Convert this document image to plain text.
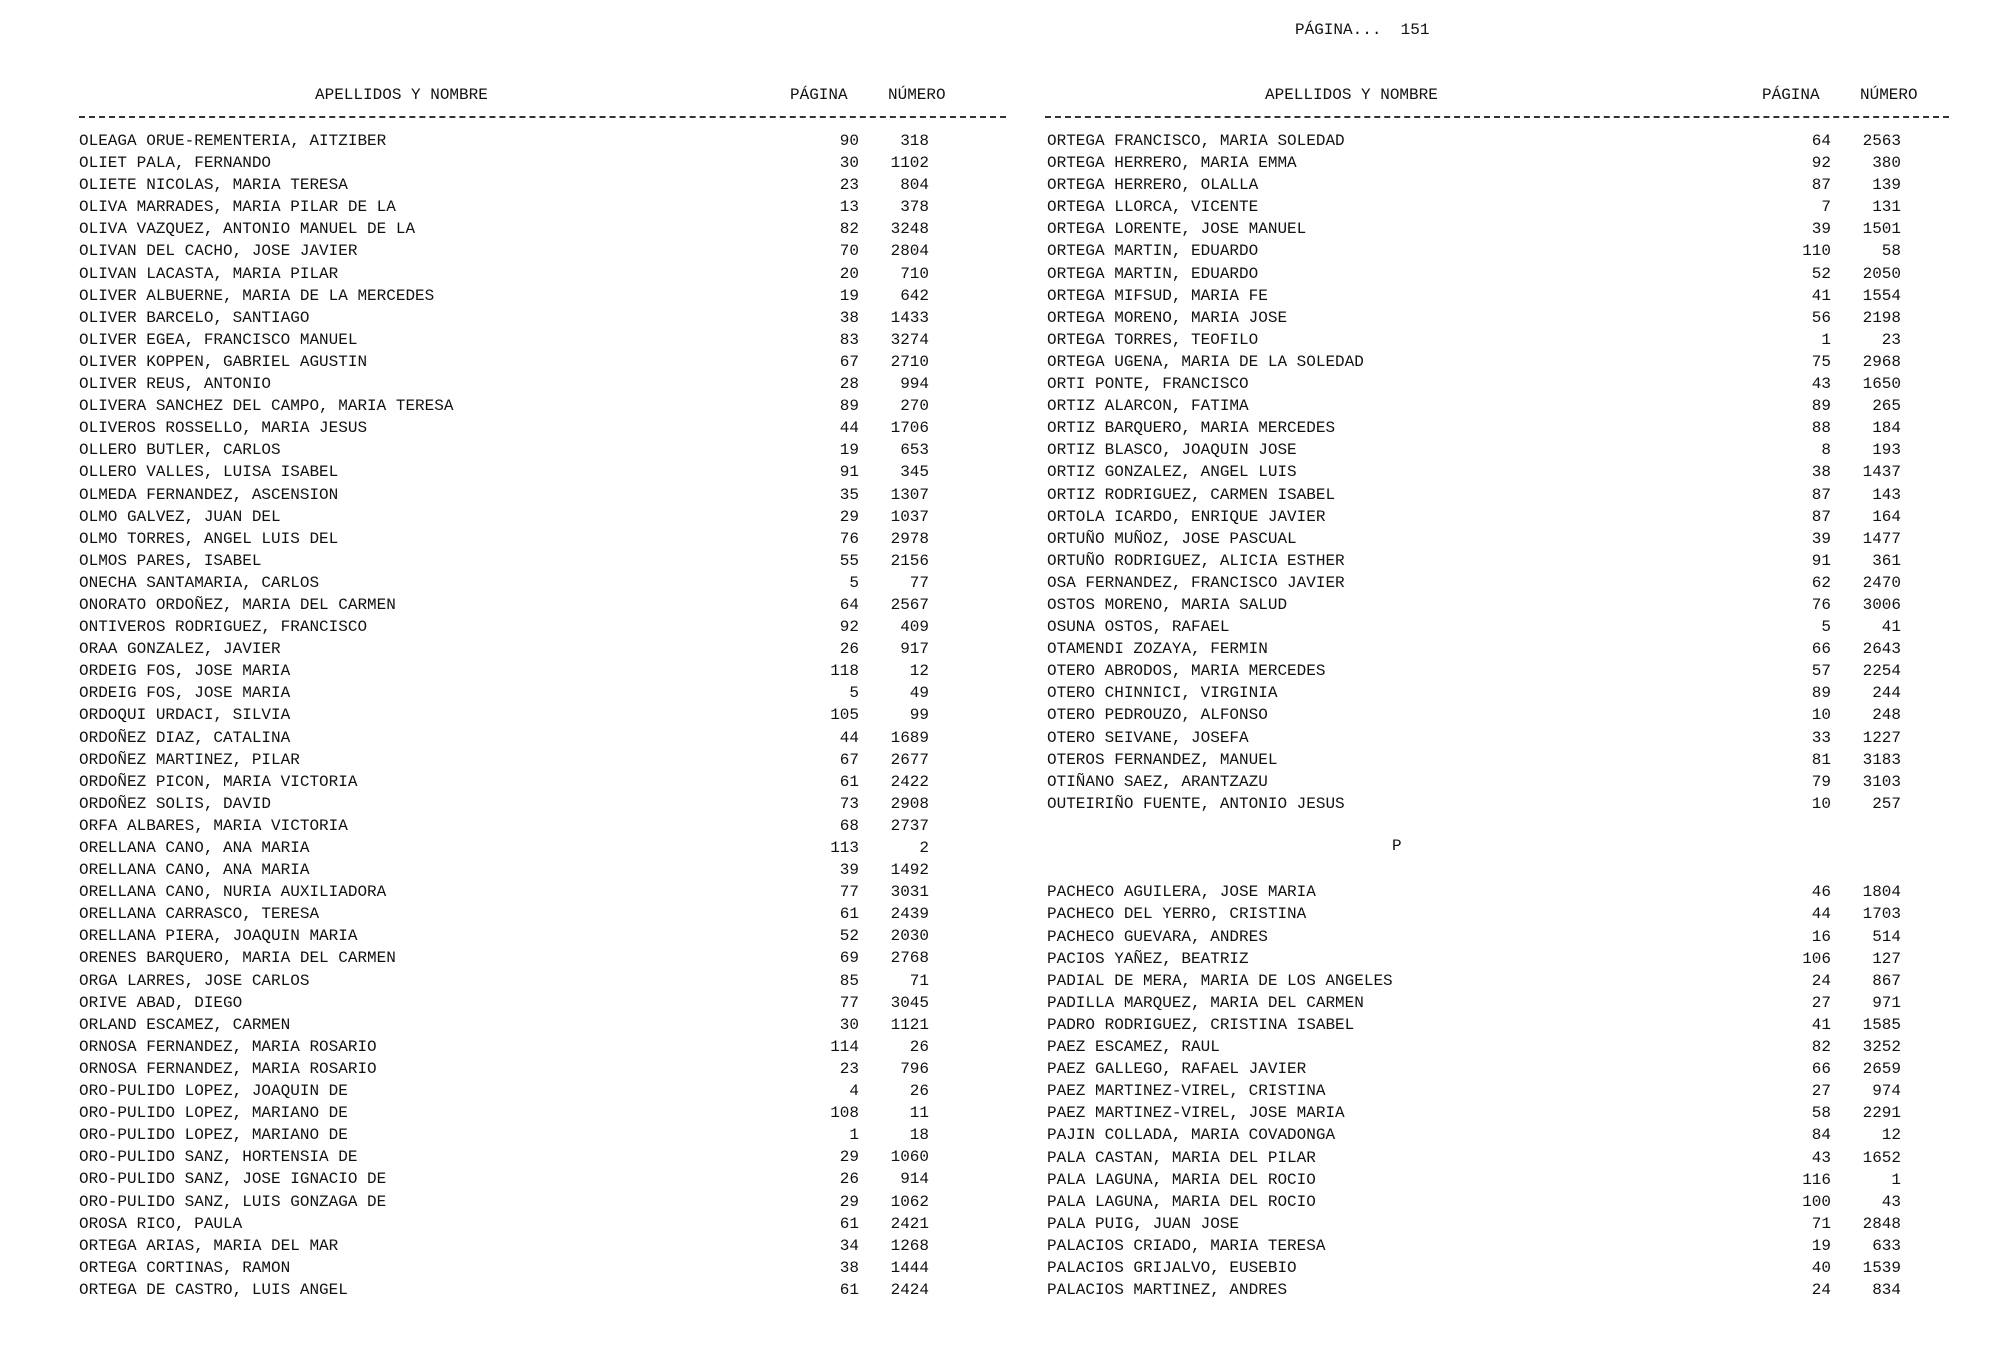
PÁGINA...  151
APELLIDOS Y NOMBRE	PÁGINA	NÚMERO	APELLIDOS Y NOMBRE	PÁGINA	NÚMERO
OLEAGA ORUE-REMENTERIA, AITZIBER	90	318
OLIET PALA, FERNANDO	30	1102
OLIETE NICOLAS, MARIA TERESA	23	804
OLIVA MARRADES, MARIA PILAR DE LA	13	378
OLIVA VAZQUEZ, ANTONIO MANUEL DE LA	82	3248
OLIVAN DEL CACHO, JOSE JAVIER	70	2804
OLIVAN LACASTA, MARIA PILAR	20	710
OLIVER ALBUERNE, MARIA DE LA MERCEDES	19	642
OLIVER BARCELO, SANTIAGO	38	1433
OLIVER EGEA, FRANCISCO MANUEL	83	3274
OLIVER KOPPEN, GABRIEL AGUSTIN	67	2710
OLIVER REUS, ANTONIO	28	994
OLIVERA SANCHEZ DEL CAMPO, MARIA TERESA	89	270
OLIVEROS ROSSELLO, MARIA JESUS	44	1706
OLLERO BUTLER, CARLOS	19	653
OLLERO VALLES, LUISA ISABEL	91	345
OLMEDA FERNANDEZ, ASCENSION	35	1307
OLMO GALVEZ, JUAN DEL	29	1037
OLMO TORRES, ANGEL LUIS DEL	76	2978
OLMOS PARES, ISABEL	55	2156
ONECHA SANTAMARIA, CARLOS	5	77
ONORATO ORDOÑEZ, MARIA DEL CARMEN	64	2567
ONTIVEROS RODRIGUEZ, FRANCISCO	92	409
ORAA GONZALEZ, JAVIER	26	917
ORDEIG FOS, JOSE MARIA	118	12
ORDEIG FOS, JOSE MARIA	5	49
ORDOQUI URDACI, SILVIA	105	99
ORDOÑEZ DIAZ, CATALINA	44	1689
ORDOÑEZ MARTINEZ, PILAR	67	2677
ORDOÑEZ PICON, MARIA VICTORIA	61	2422
ORDOÑEZ SOLIS, DAVID	73	2908
ORFA ALBARES, MARIA VICTORIA	68	2737
ORELLANA CANO, ANA MARIA	113	2
ORELLANA CANO, ANA MARIA	39	1492
ORELLANA CANO, NURIA AUXILIADORA	77	3031
ORELLANA CARRASCO, TERESA	61	2439
ORELLANA PIERA, JOAQUIN MARIA	52	2030
ORENES BARQUERO, MARIA DEL CARMEN	69	2768
ORGA LARRES, JOSE CARLOS	85	71
ORIVE ABAD, DIEGO	77	3045
ORLAND ESCAMEZ, CARMEN	30	1121
ORNOSA FERNANDEZ, MARIA ROSARIO	114	26
ORNOSA FERNANDEZ, MARIA ROSARIO	23	796
ORO-PULIDO LOPEZ, JOAQUIN DE	4	26
ORO-PULIDO LOPEZ, MARIANO DE	108	11
ORO-PULIDO LOPEZ, MARIANO DE	1	18
ORO-PULIDO SANZ, HORTENSIA DE	29	1060
ORO-PULIDO SANZ, JOSE IGNACIO DE	26	914
ORO-PULIDO SANZ, LUIS GONZAGA DE	29	1062
OROSA RICO, PAULA	61	2421
ORTEGA ARIAS, MARIA DEL MAR	34	1268
ORTEGA CORTINAS, RAMON	38	1444
ORTEGA DE CASTRO, LUIS ANGEL	61	2424
ORTEGA FRANCISCO, MARIA SOLEDAD	64	2563
ORTEGA HERRERO, MARIA EMMA	92	380
ORTEGA HERRERO, OLALLA	87	139
ORTEGA LLORCA, VICENTE	7	131
ORTEGA LORENTE, JOSE MANUEL	39	1501
ORTEGA MARTIN, EDUARDO	110	58
ORTEGA MARTIN, EDUARDO	52	2050
ORTEGA MIFSUD, MARIA FE	41	1554
ORTEGA MORENO, MARIA JOSE	56	2198
ORTEGA TORRES, TEOFILO	1	23
ORTEGA UGENA, MARIA DE LA SOLEDAD	75	2968
ORTI PONTE, FRANCISCO	43	1650
ORTIZ ALARCON, FATIMA	89	265
ORTIZ BARQUERO, MARIA MERCEDES	88	184
ORTIZ BLASCO, JOAQUIN JOSE	8	193
ORTIZ GONZALEZ, ANGEL LUIS	38	1437
ORTIZ RODRIGUEZ, CARMEN ISABEL	87	143
ORTOLA ICARDO, ENRIQUE JAVIER	87	164
ORTUÑO MUÑOZ, JOSE PASCUAL	39	1477
ORTUÑO RODRIGUEZ, ALICIA ESTHER	91	361
OSA FERNANDEZ, FRANCISCO JAVIER	62	2470
OSTOS MORENO, MARIA SALUD	76	3006
OSUNA OSTOS, RAFAEL	5	41
OTAMENDI ZOZAYA, FERMIN	66	2643
OTERO ABRODOS, MARIA MERCEDES	57	2254
OTERO CHINNICI, VIRGINIA	89	244
OTERO PEDROUZO, ALFONSO	10	248
OTERO SEIVANE, JOSEFA	33	1227
OTEROS FERNANDEZ, MANUEL	81	3183
OTIÑANO SAEZ, ARANTZAZU	79	3103
OUTEIRIÑO FUENTE, ANTONIO JESUS	10	257
P
PACHECO AGUILERA, JOSE MARIA	46	1804
PACHECO DEL YERRO, CRISTINA	44	1703
PACHECO GUEVARA, ANDRES	16	514
PACIOS YAÑEZ, BEATRIZ	106	127
PADIAL DE MERA, MARIA DE LOS ANGELES	24	867
PADILLA MARQUEZ, MARIA DEL CARMEN	27	971
PADRO RODRIGUEZ, CRISTINA ISABEL	41	1585
PAEZ ESCAMEZ, RAUL	82	3252
PAEZ GALLEGO, RAFAEL JAVIER	66	2659
PAEZ MARTINEZ-VIREL, CRISTINA	27	974
PAEZ MARTINEZ-VIREL, JOSE MARIA	58	2291
PAJIN COLLADA, MARIA COVADONGA	84	12
PALA CASTAN, MARIA DEL PILAR	43	1652
PALA LAGUNA, MARIA DEL ROCIO	116	1
PALA LAGUNA, MARIA DEL ROCIO	100	43
PALA PUIG, JUAN JOSE	71	2848
PALACIOS CRIADO, MARIA TERESA	19	633
PALACIOS GRIJALVO, EUSEBIO	40	1539
PALACIOS MARTINEZ, ANDRES	24	834
